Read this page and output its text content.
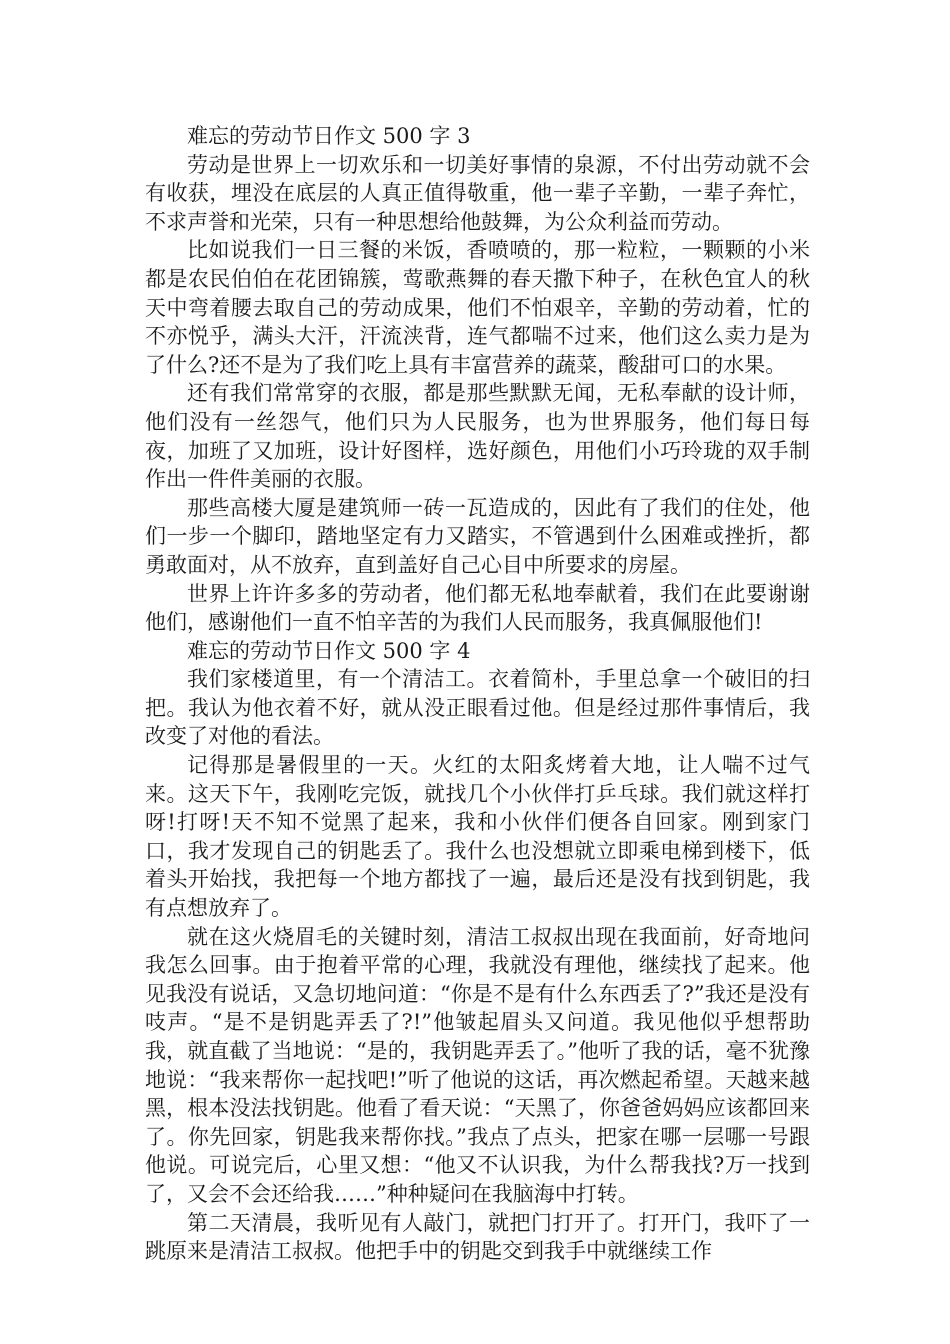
难忘的劳动节日作文 500 字 3

劳动是世界上一切欢乐和一切美好事情的泉源，不付出劳动就不会有收获，埋没在底层的人真正值得敬重，他一辈子辛勤，一辈子奔忙，不求声誉和光荣，只有一种思想给他鼓舞，为公众利益而劳动。

比如说我们一日三餐的米饭，香喷喷的，那一粒粒，一颗颗的小米都是农民伯伯在花团锦簇，莺歌燕舞的春天撒下种子，在秋色宜人的秋天中弯着腰去取自己的劳动成果，他们不怕艰辛，辛勤的劳动着，忙的不亦悦乎，满头大汗，汗流浃背，连气都喘不过来，他们这么卖力是为了什么?还不是为了我们吃上具有丰富营养的蔬菜，酸甜可口的水果。

还有我们常常穿的衣服，都是那些默默无闻，无私奉献的设计师，他们没有一丝怨气，他们只为人民服务，也为世界服务，他们每日每夜，加班了又加班，设计好图样，选好颜色，用他们小巧玲珑的双手制作出一件件美丽的衣服。

那些高楼大厦是建筑师一砖一瓦造成的，因此有了我们的住处，他们一步一个脚印，踏地坚定有力又踏实，不管遇到什么困难或挫折，都勇敢面对，从不放弃，直到盖好自己心目中所要求的房屋。

世界上许许多多的劳动者，他们都无私地奉献着，我们在此要谢谢他们，感谢他们一直不怕辛苦的为我们人民而服务，我真佩服他们!

难忘的劳动节日作文 500 字 4

我们家楼道里，有一个清洁工。衣着简朴，手里总拿一个破旧的扫把。我认为他衣着不好，就从没正眼看过他。但是经过那件事情后，我改变了对他的看法。

记得那是暑假里的一天。火红的太阳炙烤着大地，让人喘不过气来。这天下午，我刚吃完饭，就找几个小伙伴打乒乓球。我们就这样打呀!打呀!天不知不觉黑了起来，我和小伙伴们便各自回家。刚到家门口，我才发现自己的钥匙丢了。我什么也没想就立即乘电梯到楼下，低着头开始找，我把每一个地方都找了一遍，最后还是没有找到钥匙，我有点想放弃了。

就在这火烧眉毛的关键时刻，清洁工叔叔出现在我面前，好奇地问我怎么回事。由于抱着平常的心理，我就没有理他，继续找了起来。他见我没有说话，又急切地问道：“你是不是有什么东西丢了?”我还是没有吱声。“是不是钥匙弄丢了?!”他皱起眉头又问道。我见他似乎想帮助我，就直截了当地说：“是的，我钥匙弄丢了。”他听了我的话，毫不犹豫地说：“我来帮你一起找吧!”听了他说的这话，再次燃起希望。天越来越黑，根本没法找钥匙。他看了看天说：“天黑了，你爸爸妈妈应该都回来了。你先回家，钥匙我来帮你找。”我点了点头，把家在哪一层哪一号跟他说。可说完后，心里又想：“他又不认识我，为什么帮我找?万一找到了，又会不会还给我……”种种疑问在我脑海中打转。

第二天清晨，我听见有人敲门，就把门打开了。打开门，我吓了一跳原来是清洁工叔叔。他把手中的钥匙交到我手中就继续工作
